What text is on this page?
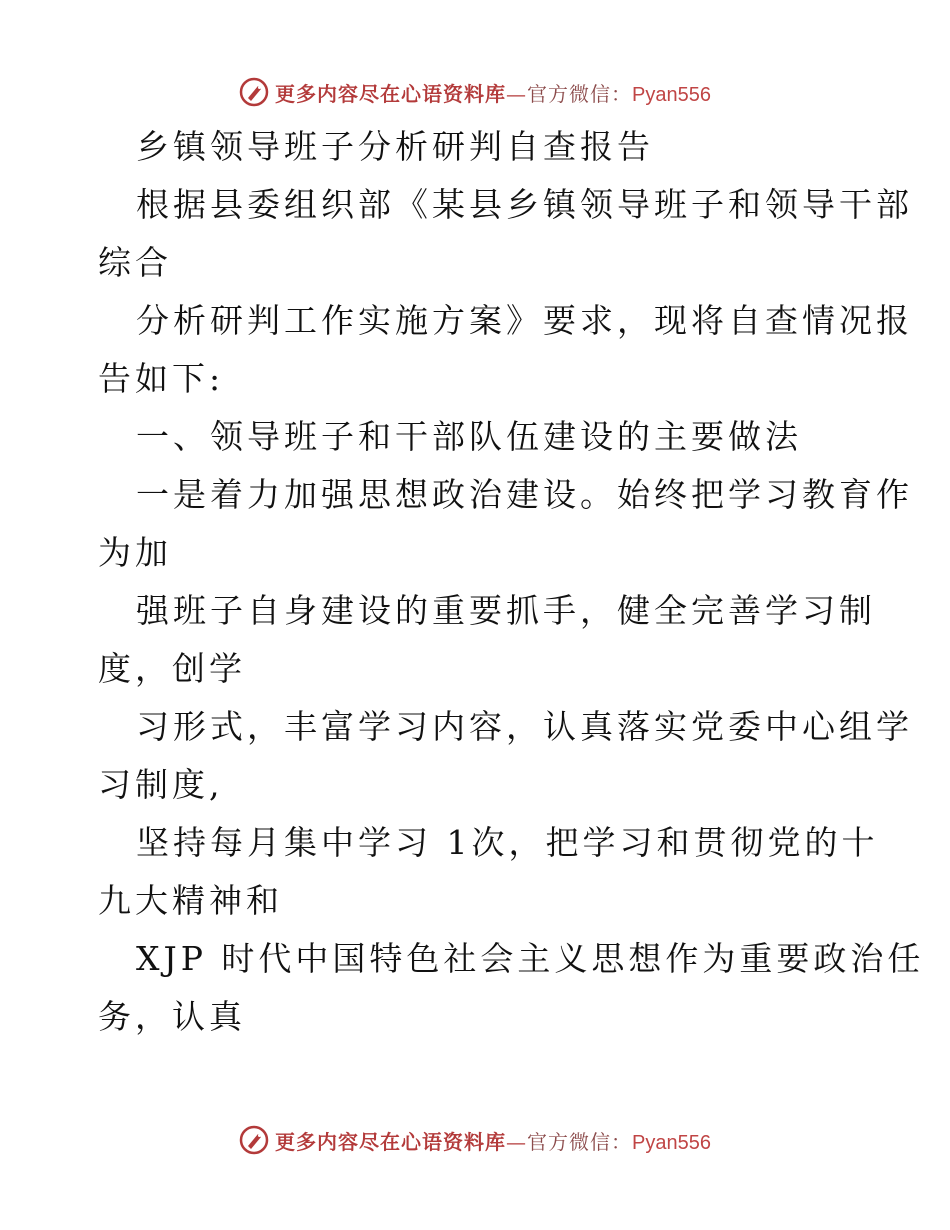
更多内容尽在心语资料库—官方微信：Pyan556
乡镇领导班子分析研判自查报告
根据县委组织部《某县乡镇领导班子和领导干部
综合
分析研判工作实施方案》要求，现将自查情况报
告如下:
一、领导班子和干部队伍建设的主要做法
一是着力加强思想政治建设。始终把学习教育作
为加
强班子自身建设的重要抓手，健全完善学习制
度，创学
习形式，丰富学习内容，认真落实党委中心组学
习制度,
坚持每月集中学习 1次，把学习和贯彻党的十
九大精神和
XJP 时代中国特色社会主义思想作为重要政治任
务，认真
更多内容尽在心语资料库—官方微信：Pyan556
